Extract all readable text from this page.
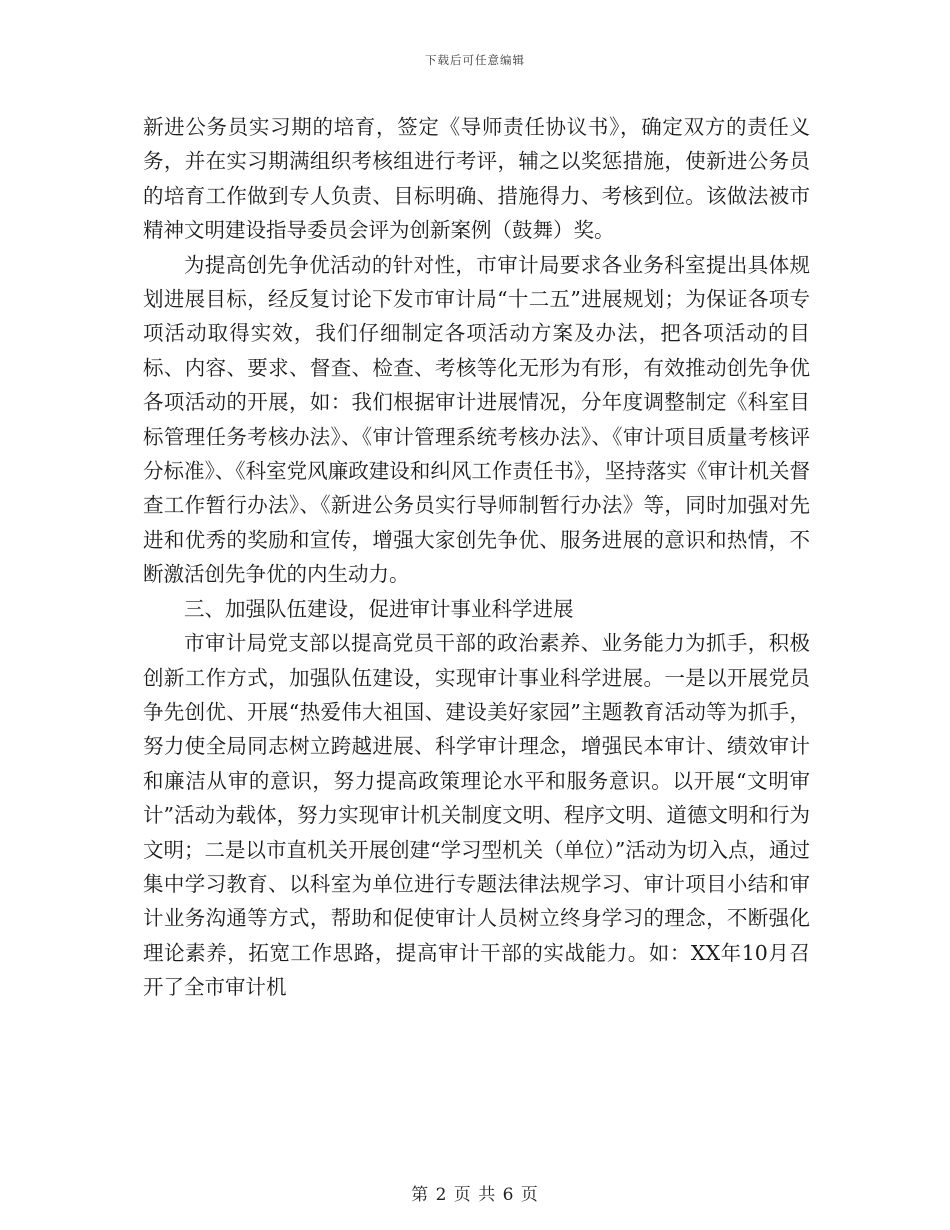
下载后可任意编辑

新进公务员实习期的培育，签定《导师责任协议书》，确定双方的责任义务，并在实习期满组织考核组进行考评，辅之以奖惩措施，使新进公务员的培育工作做到专人负责、目标明确、措施得力、考核到位。该做法被市精神文明建设指导委员会评为创新案例（鼓舞）奖。

为提高创先争优活动的针对性，市审计局要求各业务科室提出具体规划进展目标，经反复讨论下发市审计局“十二五”进展规划；为保证各项专项活动取得实效，我们仔细制定各项活动方案及办法，把各项活动的目标、内容、要求、督查、检查、考核等化无形为有形，有效推动创先争优各项活动的开展，如：我们根据审计进展情况，分年度调整制定《科室目标管理任务考核办法》、《审计管理系统考核办法》、《审计项目质量考核评分标准》、《科室党风廉政建设和纠风工作责任书》，坚持落实《审计机关督查工作暂行办法》、《新进公务员实行导师制暂行办法》等，同时加强对先进和优秀的奖励和宣传，增强大家创先争优、服务进展的意识和热情，不断激活创先争优的内生动力。

三、加强队伍建设，促进审计事业科学进展

市审计局党支部以提高党员干部的政治素养、业务能力为抓手，积极创新工作方式，加强队伍建设，实现审计事业科学进展。一是以开展党员争先创优、开展“热爱伟大祖国、建设美好家园”主题教育活动等为抓手，努力使全局同志树立跨越进展、科学审计理念，增强民本审计、绩效审计和廉洁从审的意识，努力提高政策理论水平和服务意识。以开展“文明审计”活动为载体，努力实现审计机关制度文明、程序文明、道德文明和行为文明；二是以市直机关开展创建“学习型机关（单位）”活动为切入点，通过集中学习教育、以科室为单位进行专题法律法规学习、审计项目小结和审计业务沟通等方式，帮助和促使审计人员树立终身学习的理念，不断强化理论素养，拓宽工作思路，提高审计干部的实战能力。如：XX年10月召开了全市审计机

第 2 页 共 6 页
